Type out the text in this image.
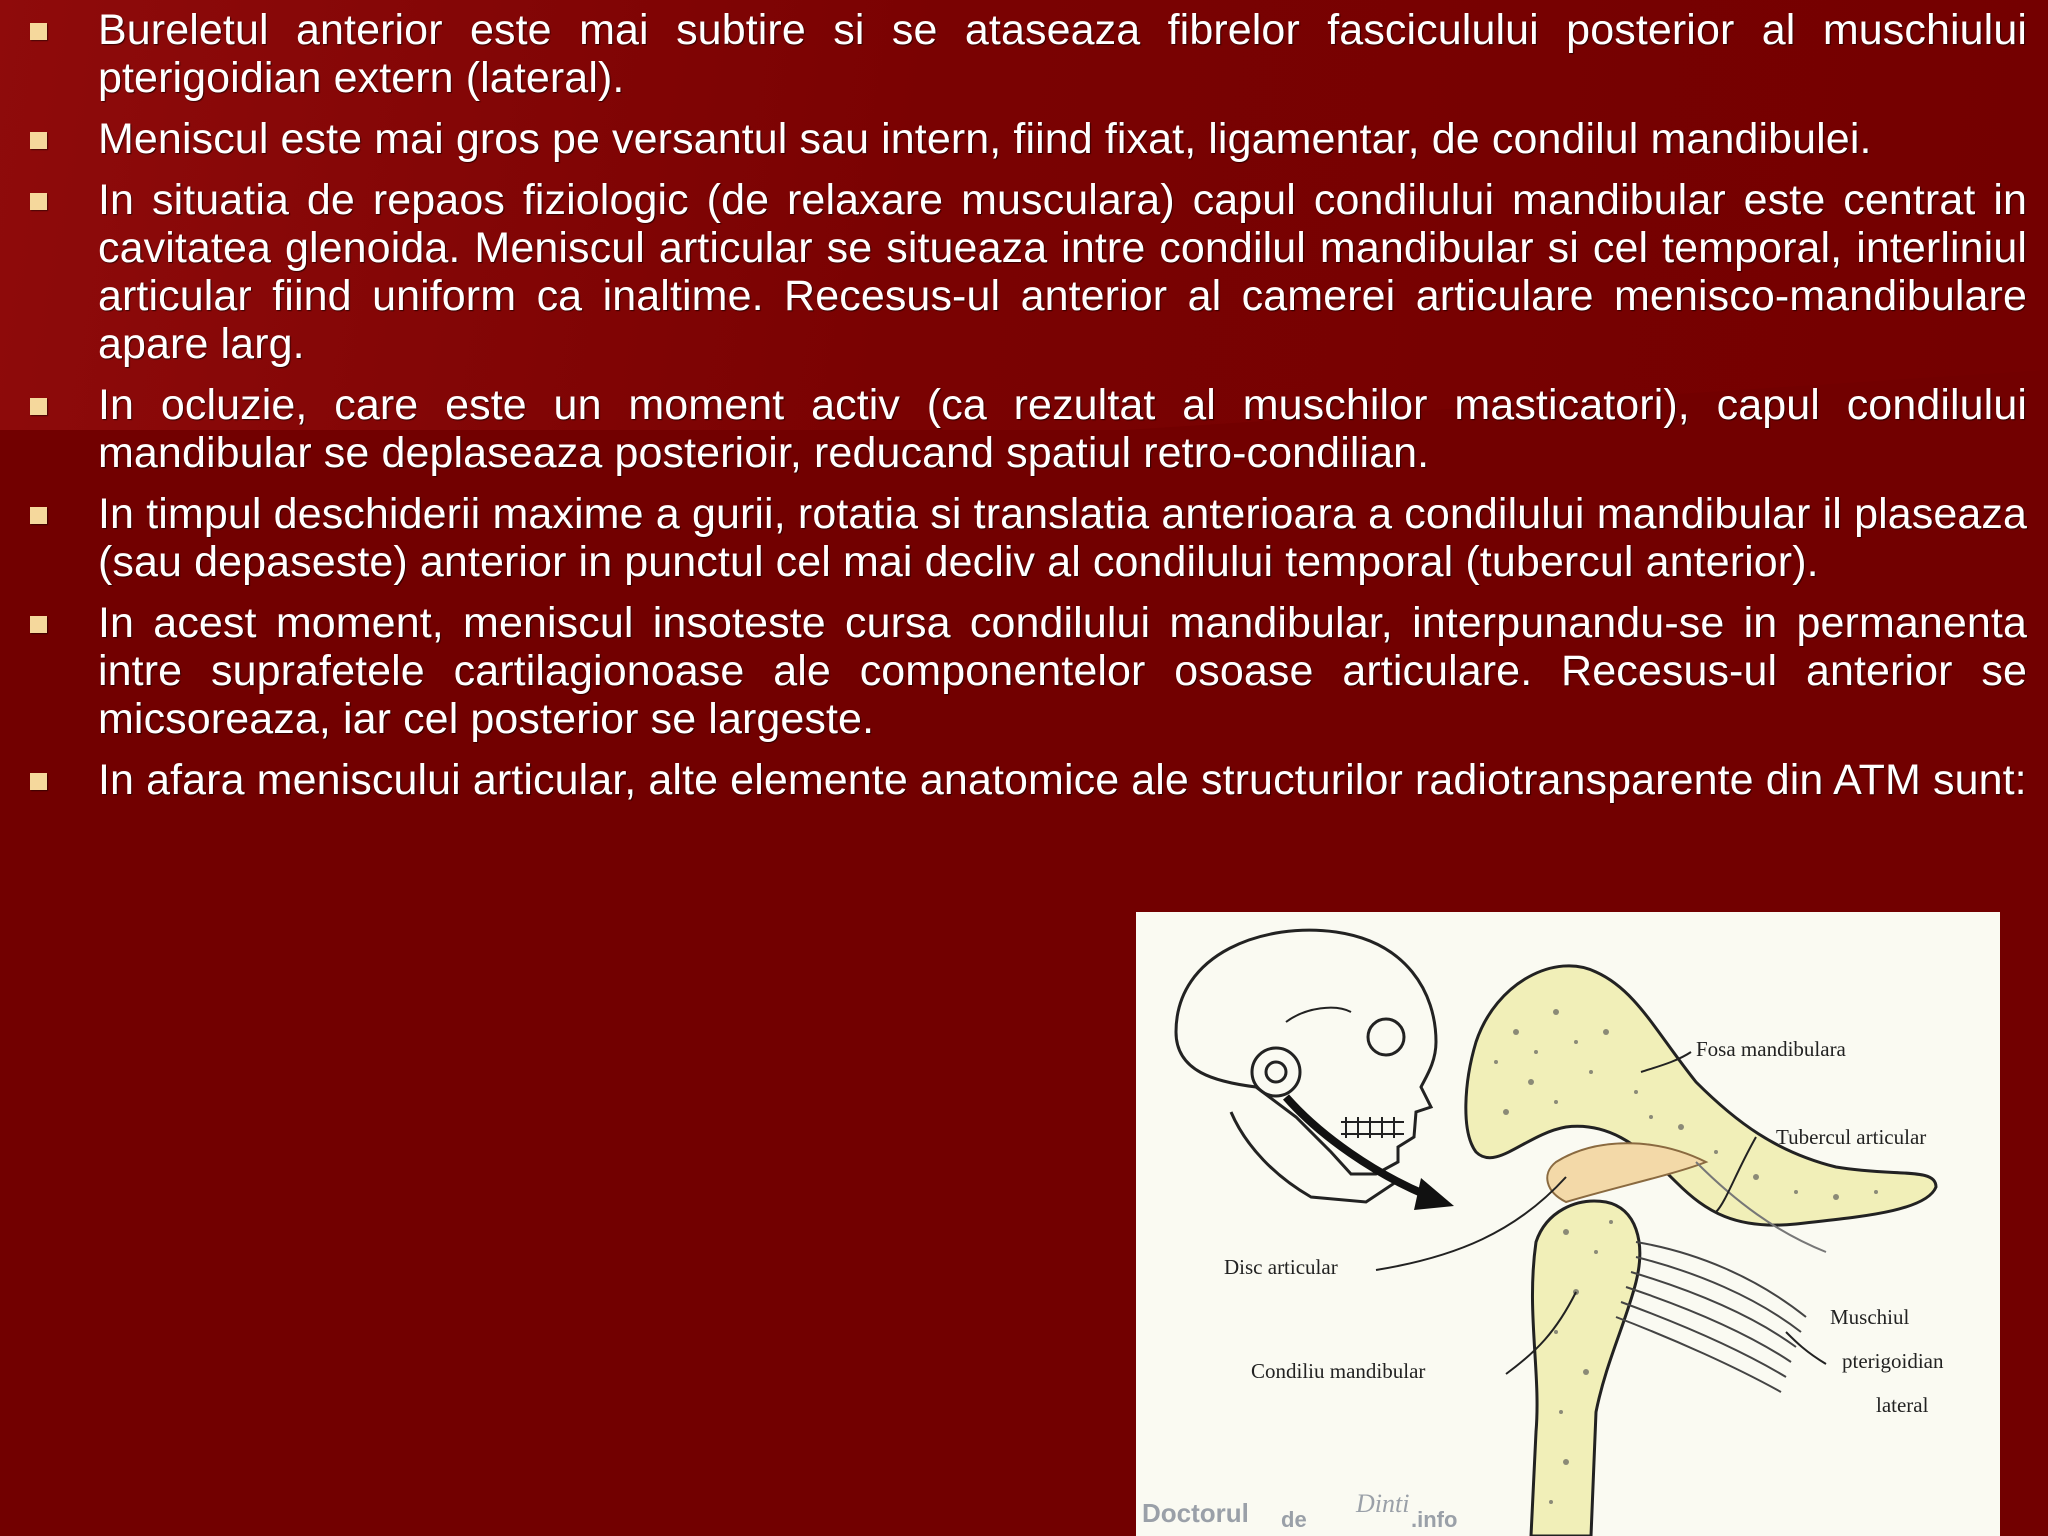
Bureletul anterior este mai subtire si se ataseaza fibrelor fasciculului posterior al muschiului pterigoidian extern (lateral).
Meniscul este mai gros pe versantul sau intern, fiind fixat, ligamentar, de condilul mandibulei.
In situatia de repaos fiziologic (de relaxare musculara) capul condilului mandibular este centrat in cavitatea glenoida. Meniscul articular se situeaza intre condilul mandibular si cel temporal, interliniul articular fiind uniform ca inaltime. Recesus-ul anterior al camerei articulare menisco-mandibulare apare larg.
In ocluzie, care este un moment activ (ca rezultat al muschilor masticatori), capul condilului mandibular se deplaseaza posterioir, reducand spatiul retro-condilian.
In timpul deschiderii maxime a gurii, rotatia si translatia anterioara a condilului mandibular il plaseaza (sau depaseste) anterior in punctul cel mai decliv al condilului temporal (tubercul anterior).
In acest moment, meniscul insoteste cursa condilului mandibular, interpunandu-se in permanenta intre suprafetele cartilagionoase ale componentelor osoase articulare. Recesus-ul anterior se micsoreaza, iar cel posterior se largeste.
In afara meniscului articular, alte elemente anatomice ale structurilor radiotransparente din ATM sunt:
Fosa mandibulara
Tubercul articular
Disc articular
Condiliu mandibular
Muschiul
pterigoidian
lateral
Doctorul de
Dinti
.info
